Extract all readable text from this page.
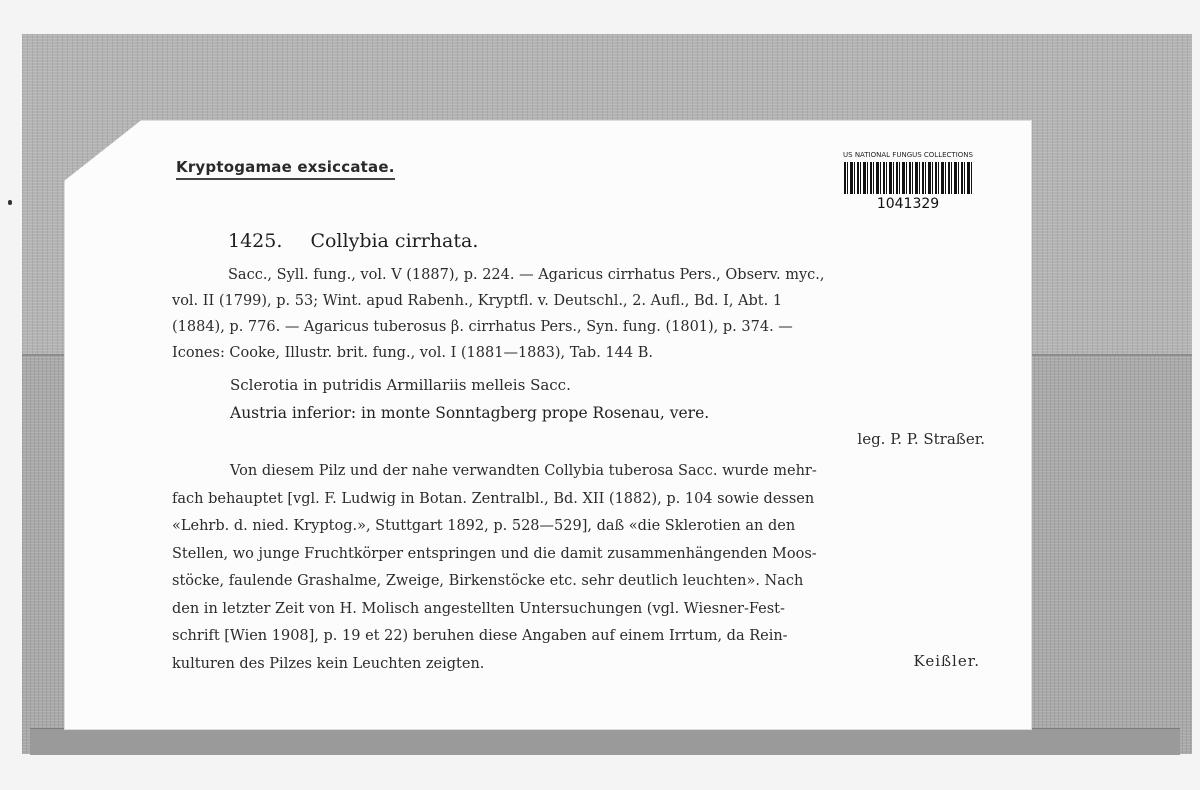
Kryptogamae exsiccatae.
US NATIONAL FUNGUS COLLECTIONS
1041329
1425. Collybia cirrhata.
Sacc., Syll. fung., vol. V (1887), p. 224. — Agaricus cirrhatus Pers., Observ. myc.,
vol. II (1799), p. 53; Wint. apud Rabenh., Kryptfl. v. Deutschl., 2. Aufl., Bd. I, Abt. 1
(1884), p. 776. — Agaricus tuberosus β. cirrhatus Pers., Syn. fung. (1801), p. 374. —
Icones: Cooke, Illustr. brit. fung., vol. I (1881—1883), Tab. 144 B.
Sclerotia in putridis Armillariis melleis Sacc.
Austria inferior: in monte Sonntagberg prope Rosenau, vere.
leg. P. P. Straßer.
Von diesem Pilz und der nahe verwandten Collybia tuberosa Sacc. wurde mehr-
fach behauptet [vgl. F. Ludwig in Botan. Zentralbl., Bd. XII (1882), p. 104 sowie dessen
«Lehrb. d. nied. Kryptog.», Stuttgart 1892, p. 528—529], daß «die Sklerotien an den
Stellen, wo junge Fruchtkörper entspringen und die damit zusammenhängenden Moos-
stöcke, faulende Grashalme, Zweige, Birkenstöcke etc. sehr deutlich leuchten». Nach
den in letzter Zeit von H. Molisch angestellten Untersuchungen (vgl. Wiesner-Fest-
schrift [Wien 1908], p. 19 et 22) beruhen diese Angaben auf einem Irrtum, da Rein-
kulturen des Pilzes kein Leuchten zeigten.	Keißler.
